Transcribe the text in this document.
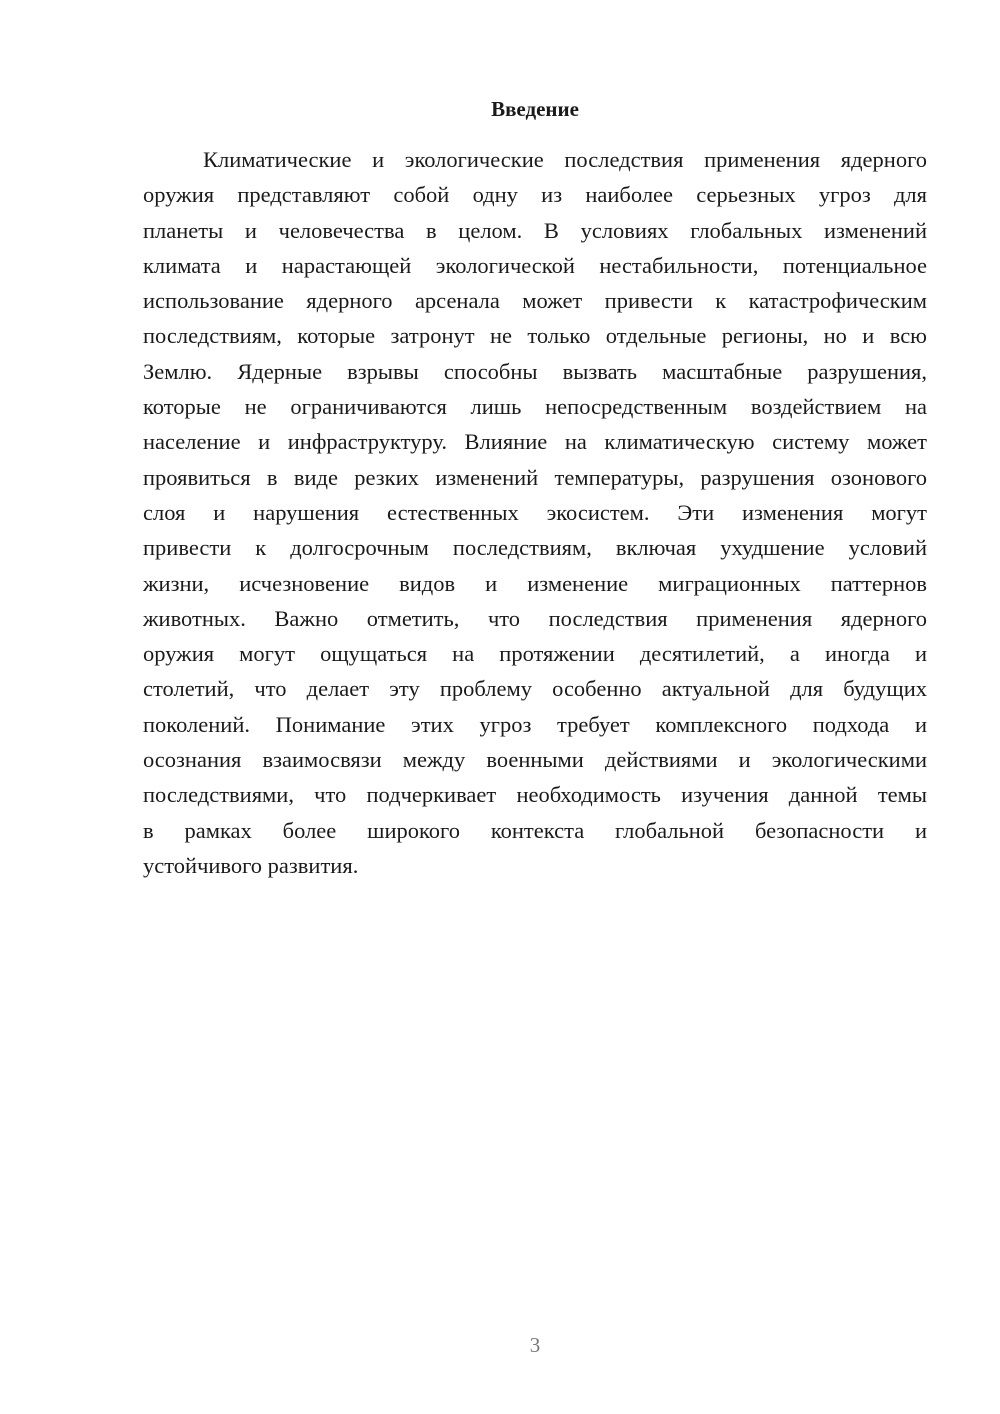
Введение
Климатические и экологические последствия применения ядерного
оружия представляют собой одну из наиболее серьезных угроз для
планеты и человечества в целом. В условиях глобальных изменений
климата и нарастающей экологической нестабильности, потенциальное
использование ядерного арсенала может привести к катастрофическим
последствиям, которые затронут не только отдельные регионы, но и всю
Землю. Ядерные взрывы способны вызвать масштабные разрушения,
которые не ограничиваются лишь непосредственным воздействием на
население и инфраструктуру. Влияние на климатическую систему может
проявиться в виде резких изменений температуры, разрушения озонового
слоя и нарушения естественных экосистем. Эти изменения могут
привести к долгосрочным последствиям, включая ухудшение условий
жизни, исчезновение видов и изменение миграционных паттернов
животных. Важно отметить, что последствия применения ядерного
оружия могут ощущаться на протяжении десятилетий, а иногда и
столетий, что делает эту проблему особенно актуальной для будущих
поколений. Понимание этих угроз требует комплексного подхода и
осознания взаимосвязи между военными действиями и экологическими
последствиями, что подчеркивает необходимость изучения данной темы
в рамках более широкого контекста глобальной безопасности и
устойчивого развития.
3
